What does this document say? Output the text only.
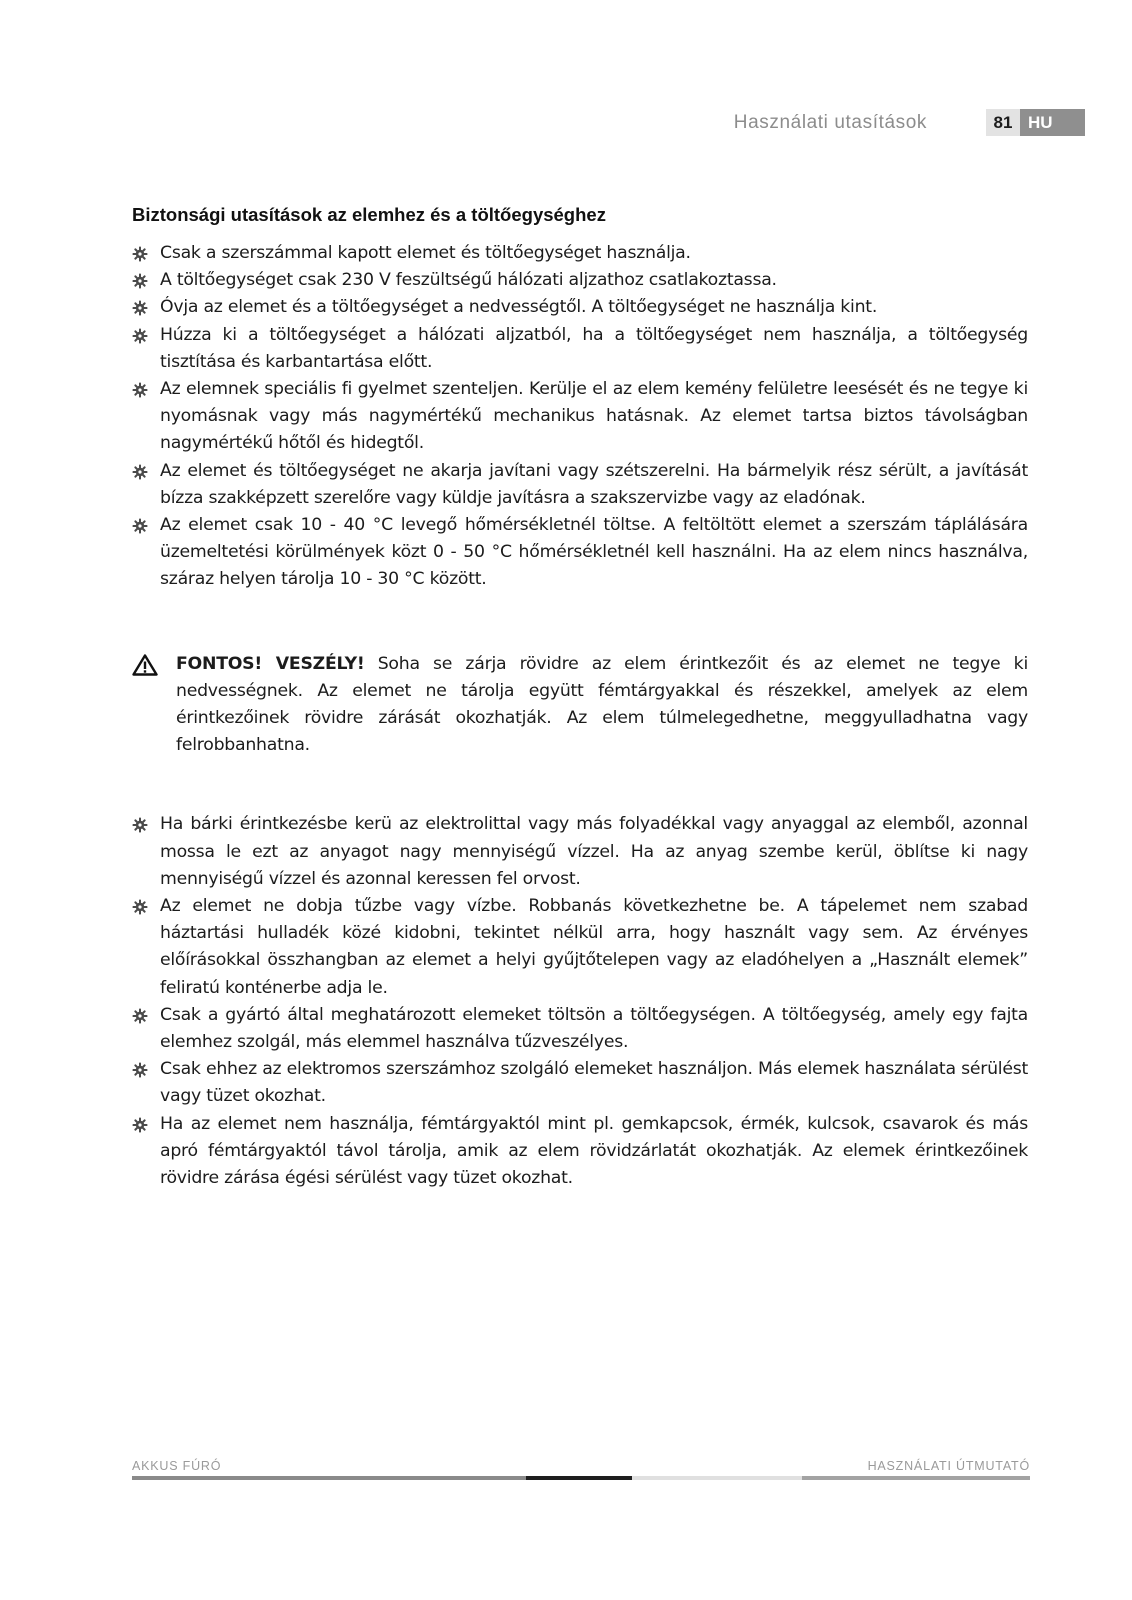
Használati utasítások	81 HU
Biztonsági utasítások az elemhez és a töltőegységhez
Csak a szerszámmal kapott elemet és töltőegységet használja.
A töltőegységet csak 230 V feszültségű hálózati aljzathoz csatlakoztassa.
Óvja az elemet és a töltőegységet a nedvességtől. A töltőegységet ne használja kint.
Húzza ki a töltőegységet a hálózati aljzatból, ha a töltőegységet nem használja, a töltőegység tisztítása és karbantartása előtt.
Az elemnek speciális fi gyelmet szenteljen. Kerülje el az elem kemény felületre leesését és ne tegye ki nyomásnak vagy más nagymértékű mechanikus hatásnak. Az elemet tartsa biztos távolságban nagymértékű hőtől és hidegtől.
Az elemet és töltőegységet ne akarja javítani vagy szétszerelni. Ha bármelyik rész sérült, a javítását bízza szakképzett szerelőre vagy küldje javításra a szakszervizbe vagy az eladónak.
Az elemet csak 10 - 40 °C levegő hőmérsékletnél töltse. A feltöltött elemet a szerszám táplálására üzemeltetési körülmények közt 0 - 50 °C hőmérsékletnél kell használni. Ha az elem nincs használva, száraz helyen tárolja 10 - 30 °C között.
FONTOS! VESZÉLY! Soha se zárja rövidre az elem érintkezőit és az elemet ne tegye ki nedvességnek. Az elemet ne tárolja együtt fémtárgyakkal és részekkel, amelyek az elem érintkezőinek rövidre zárását okozhatják. Az elem túlmelegedhetne, meggyulladhatna vagy felrobbanhatna.
Ha bárki érintkezésbe kerü az elektrolittal vagy más folyadékkal vagy anyaggal az elemből, azonnal mossa le ezt az anyagot nagy mennyiségű vízzel. Ha az anyag szembe kerül, öblítse ki nagy mennyiségű vízzel és azonnal keressen fel orvost.
Az elemet ne dobja tűzbe vagy vízbe. Robbanás következhetne be. A tápelemet nem szabad háztartási hulladék közé kidobni, tekintet nélkül arra, hogy használt vagy sem. Az érvényes előírásokkal összhangban az elemet a helyi gyűjtőtelepen vagy az eladóhelyen a „Használt elemek” feliratú konténerbe adja le.
Csak a gyártó által meghatározott elemeket töltsön a töltőegységen. A töltőegység, amely egy fajta elemhez szolgál, más elemmel használva tűzveszélyes.
Csak ehhez az elektromos szerszámhoz szolgáló elemeket használjon. Más elemek használata sérülést vagy tüzet okozhat.
Ha az elemet nem használja, fémtárgyaktól mint pl. gemkapcsok, érmék, kulcsok, csavarok és más apró fémtárgyaktól távol tárolja, amik az elem rövidzárlatát okozhatják. Az elemek érintkezőinek rövidre zárása égési sérülést vagy tüzet okozhat.
AKKUS FÚRÓ	HASZNÁLATI ÚTMUTATÓ
